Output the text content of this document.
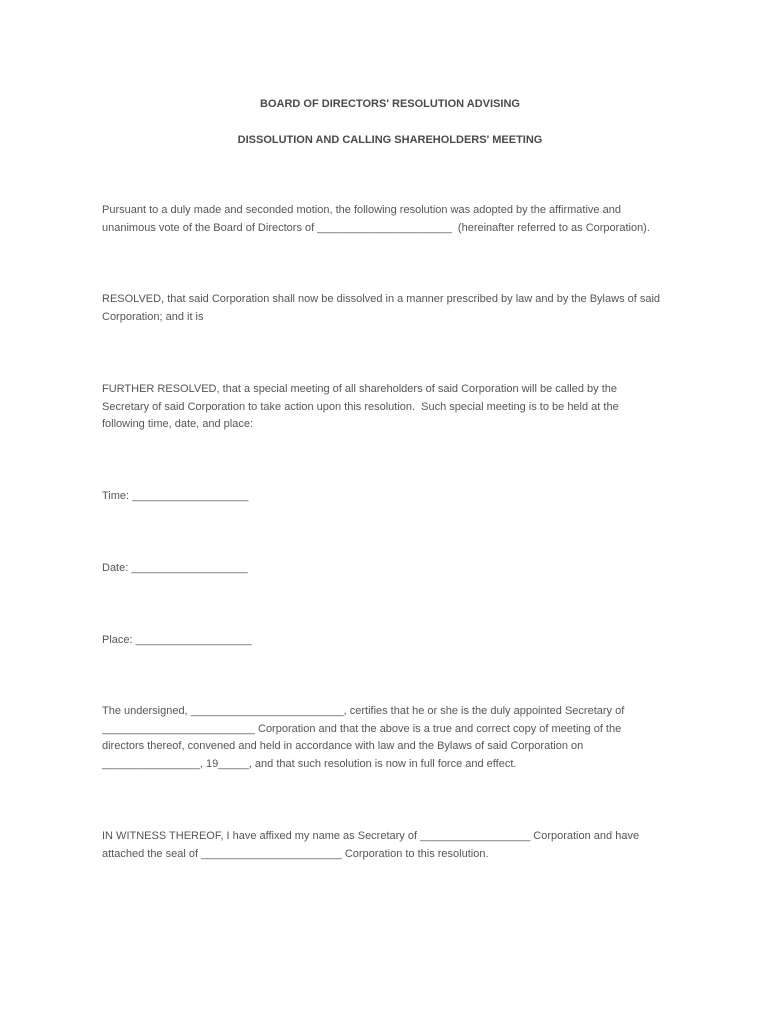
BOARD OF DIRECTORS' RESOLUTION ADVISING
DISSOLUTION AND CALLING SHAREHOLDERS' MEETING
Pursuant to a duly made and seconded motion, the following resolution was adopted by the affirmative and
unanimous vote of the Board of Directors of ______________________  (hereinafter referred to as Corporation).
RESOLVED, that said Corporation shall now be dissolved in a manner prescribed by law and by the Bylaws of said
Corporation; and it is
FURTHER RESOLVED, that a special meeting of all shareholders of said Corporation will be called by the
Secretary of said Corporation to take action upon this resolution.  Such special meeting is to be held at the
following time, date, and place:
Time: ___________________
Date: ___________________
Place: ___________________
The undersigned, _________________________, certifies that he or she is the duly appointed Secretary of
_________________________ Corporation and that the above is a true and correct copy of meeting of the
directors thereof, convened and held in accordance with law and the Bylaws of said Corporation on
________________, 19_____, and that such resolution is now in full force and effect.
IN WITNESS THEREOF, I have affixed my name as Secretary of __________________ Corporation and have
attached the seal of _______________________ Corporation to this resolution.
